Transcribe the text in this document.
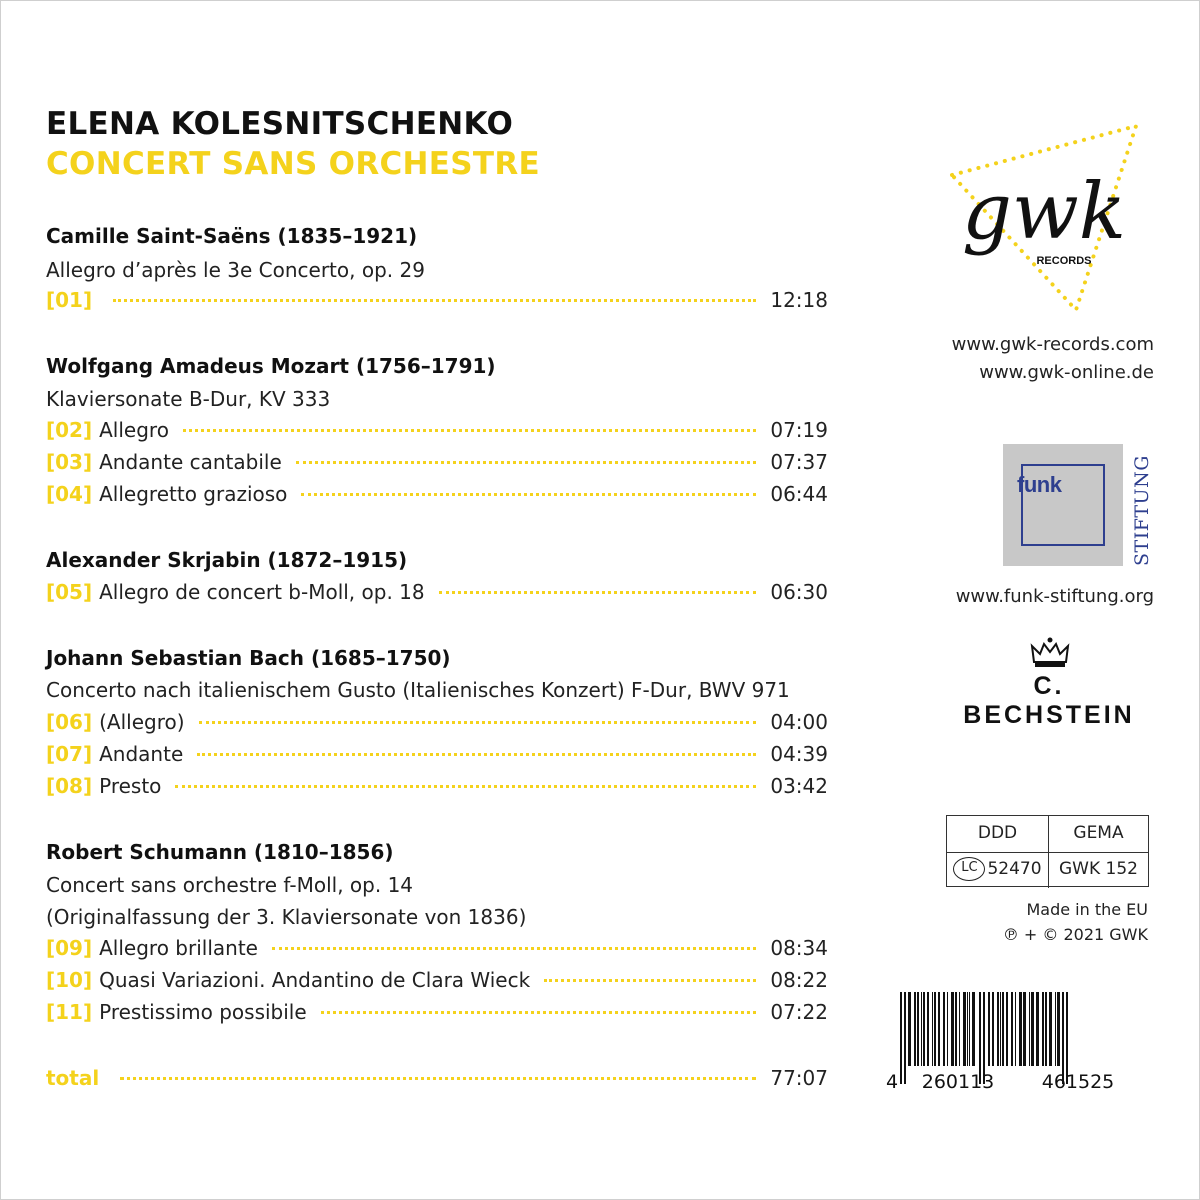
ELENA KOLESNITSCHENKO
CONCERT SANS ORCHESTRE
Camille Saint-Saëns (1835–1921)
Allegro d’après le 3e Concerto, op. 29
[01]	12:18
Wolfgang Amadeus Mozart (1756–1791)
Klaviersonate B-Dur, KV 333
[02] Allegro	07:19
[03] Andante cantabile	07:37
[04] Allegretto grazioso	06:44
Alexander Skrjabin (1872–1915)
[05] Allegro de concert b-Moll, op. 18	06:30
Johann Sebastian Bach (1685–1750)
Concerto nach italienischem Gusto (Italienisches Konzert) F-Dur, BWV 971
[06] (Allegro)	04:00
[07] Andante	04:39
[08] Presto	03:42
Robert Schumann (1810–1856)
Concert sans orchestre f-Moll, op. 14
(Originalfassung der 3. Klaviersonate von 1836)
[09] Allegro brillante	08:34
[10] Quasi Variazioni. Andantino de Clara Wieck	08:22
[11] Prestissimo possibile	07:22
total	77:07
gwk
RECORDS
www.gwk-records.com
www.gwk-online.de
funk	STIFTUNG
www.funk-stiftung.org
C. BECHSTEIN
DDD	GEMA
LC 52470	GWK 152
Made in the EU
℗ + © 2021 GWK
4 260113 461525
